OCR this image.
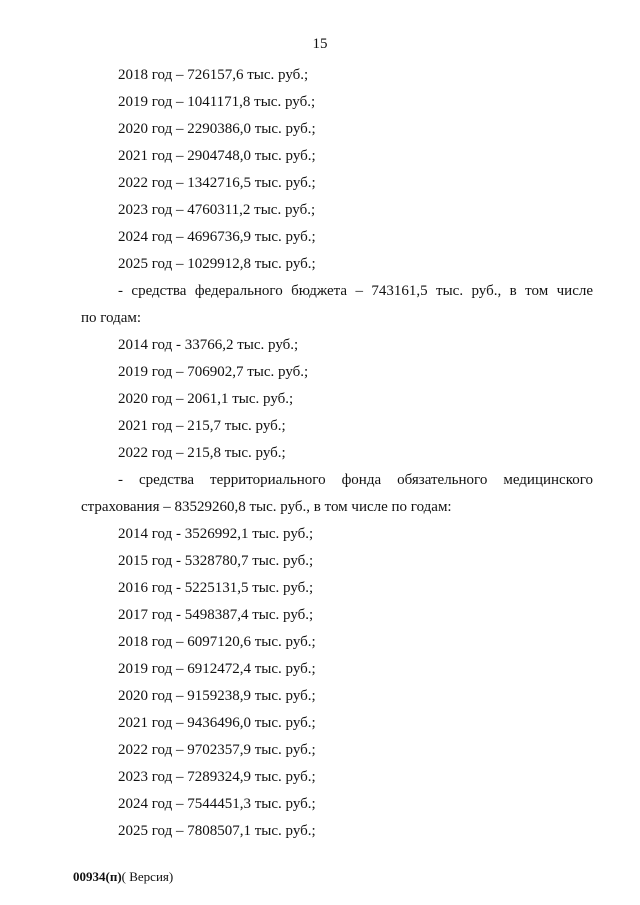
15
2018 год – 726157,6 тыс. руб.;
2019 год – 1041171,8 тыс. руб.;
2020 год – 2290386,0 тыс. руб.;
2021 год – 2904748,0 тыс. руб.;
2022 год – 1342716,5 тыс. руб.;
2023 год – 4760311,2 тыс. руб.;
2024 год – 4696736,9 тыс. руб.;
2025 год – 1029912,8 тыс. руб.;
- средства федерального бюджета – 743161,5 тыс. руб., в том числе
по годам:
2014 год - 33766,2 тыс. руб.;
2019 год – 706902,7 тыс. руб.;
2020 год – 2061,1 тыс. руб.;
2021 год – 215,7 тыс. руб.;
2022 год – 215,8 тыс. руб.;
- средства территориального фонда обязательного медицинского
страхования – 83529260,8 тыс. руб., в том числе по годам:
2014 год - 3526992,1 тыс. руб.;
2015 год - 5328780,7 тыс. руб.;
2016 год - 5225131,5 тыс. руб.;
2017 год - 5498387,4 тыс. руб.;
2018 год – 6097120,6 тыс. руб.;
2019 год – 6912472,4 тыс. руб.;
2020 год – 9159238,9 тыс. руб.;
2021 год – 9436496,0 тыс. руб.;
2022 год – 9702357,9 тыс. руб.;
2023 год – 7289324,9 тыс. руб.;
2024 год – 7544451,3 тыс. руб.;
2025 год – 7808507,1 тыс. руб.;
00934(п)( Версия)
